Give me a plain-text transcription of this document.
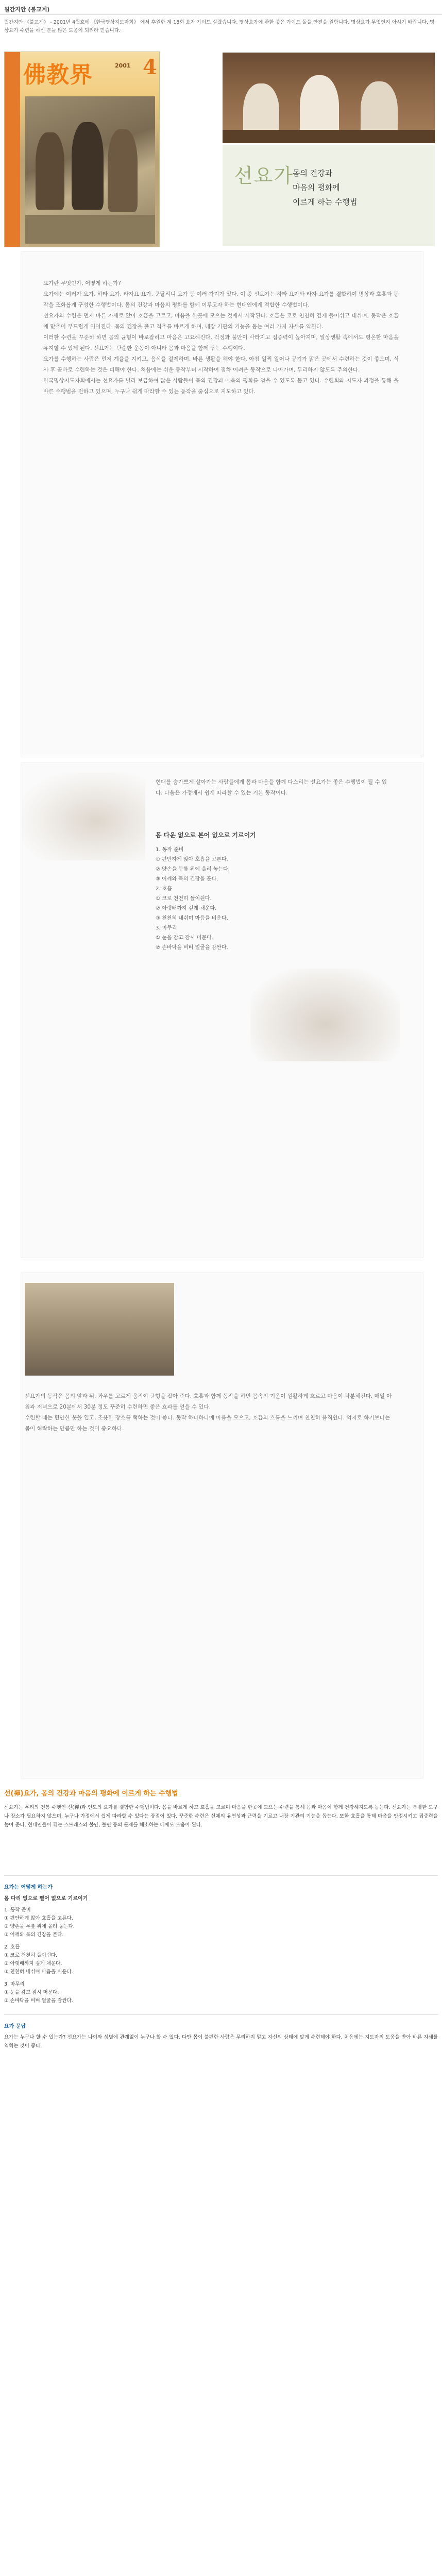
월간지안 (불교계)
월간지안 《불교계》 - 2001년 4월호에 《한국명상지도자회》 에서 후원한 제 18회 요가 가이드 실렸습니다. 명상요가에 관한 좋은 가이드 돌을 안전을 원합니다. 명상요가 무엇인지 아시기 바랍니다. 명상요가 수련을 하신 분들 많은 도움이 되리라 믿습니다.
佛教界	2001 4
선요가
몸의 건강과
마음의 평화에
이르게 하는 수행법
요가란 무엇인가, 어떻게 하는가?
요가에는 여러가 요가, 하타 요가, 라자요 요가, 쿤달리니 요가 등 여러 가지가 있다. 이 중 선요가는 하타 요가와 라자 요가를 결합하여 명상과 호흡과 동작을 조화롭게 구성한 수행법이다. 몸의 건강과 마음의 평화를 함께 이루고자 하는 현대인에게 적합한 수행법이다.
선요가의 수련은 먼저 바른 자세로 앉아 호흡을 고르고, 마음을 한곳에 모으는 것에서 시작된다. 호흡은 코로 천천히 깊게 들이쉬고 내쉬며, 동작은 호흡에 맞추어 부드럽게 이어진다. 몸의 긴장을 풀고 척추를 바르게 하며, 내장 기관의 기능을 돕는 여러 가지 자세를 익힌다.
이러한 수련을 꾸준히 하면 몸의 균형이 바로잡히고 마음은 고요해진다. 걱정과 불안이 사라지고 집중력이 높아지며, 일상생활 속에서도 평온한 마음을 유지할 수 있게 된다. 선요가는 단순한 운동이 아니라 몸과 마음을 함께 닦는 수행이다.
요가를 수행하는 사람은 먼저 계율을 지키고, 음식을 절제하며, 바른 생활을 해야 한다. 아침 일찍 일어나 공기가 맑은 곳에서 수련하는 것이 좋으며, 식사 후 곧바로 수련하는 것은 피해야 한다. 처음에는 쉬운 동작부터 시작하여 점차 어려운 동작으로 나아가며, 무리하지 않도록 주의한다.
한국명상지도자회에서는 선요가를 널리 보급하여 많은 사람들이 몸의 건강과 마음의 평화를 얻을 수 있도록 돕고 있다. 수련회와 지도자 과정을 통해 올바른 수행법을 전하고 있으며, 누구나 쉽게 따라할 수 있는 동작을 중심으로 지도하고 있다.
현대를 숨가쁘게 살아가는 사람들에게 몸과 마음을 함께 다스리는 선요가는 좋은 수행법이 될 수 있다. 다음은 가정에서 쉽게 따라할 수 있는 기본 동작이다.
몸 다운 없으로 본어 없으로 기르이기
1. 동작 준비
① 편안하게 앉아 호흡을 고른다.
② 양손을 무릎 위에 올려 놓는다.
③ 어깨와 목의 긴장을 푼다.
2. 호흡
① 코로 천천히 들이쉰다.
② 아랫배까지 깊게 채운다.
③ 천천히 내쉬며 마음을 비운다.
3. 마무리
① 눈을 감고 잠시 머문다.
② 손바닥을 비벼 얼굴을 감싼다.
선요가의 동작은 몸의 앞과 뒤, 좌우를 고르게 움직여 균형을 잡아 준다. 호흡과 함께 동작을 하면 몸속의 기운이 원활하게 흐르고 마음이 차분해진다. 매일 아침과 저녁으로 20분에서 30분 정도 꾸준히 수련하면 좋은 효과를 얻을 수 있다.
수련할 때는 편안한 옷을 입고, 조용한 장소를 택하는 것이 좋다. 동작 하나하나에 마음을 모으고, 호흡의 흐름을 느끼며 천천히 움직인다. 억지로 하기보다는 몸이 허락하는 만큼만 하는 것이 중요하다.
선(禪)요가, 몸의 건강과 마음의 평화에 이르게 하는 수행법
선요가는 우리의 전통 수행인 선(禪)과 인도의 요가를 결합한 수행법이다. 몸을 바르게 하고 호흡을 고르며 마음을 한곳에 모으는 수련을 통해 몸과 마음이 함께 건강해지도록 돕는다. 선요가는 특별한 도구나 장소가 필요하지 않으며, 누구나 가정에서 쉽게 따라할 수 있다는 장점이 있다. 꾸준한 수련은 신체의 유연성과 근력을 기르고 내장 기관의 기능을 돕는다. 또한 호흡을 통해 마음을 안정시키고 집중력을 높여 준다. 현대인들이 겪는 스트레스와 불안, 불면 등의 문제를 해소하는 데에도 도움이 된다.
요가는 어떻게 하는가
몸 다리 없으로 펼어 없으로 기르이기
1. 동작 준비
① 편안하게 앉아 호흡을 고른다.
② 양손을 무릎 위에 올려 놓는다.
③ 어깨와 목의 긴장을 푼다.
2. 호흡
① 코로 천천히 들이쉰다.
② 아랫배까지 깊게 채운다.
③ 천천히 내쉬며 마음을 비운다.
3. 마무리
① 눈을 감고 잠시 머문다.
② 손바닥을 비벼 얼굴을 감싼다.
요가 문답
요가는 누구나 할 수 있는가? 선요가는 나이와 성별에 관계없이 누구나 할 수 있다. 다만 몸이 불편한 사람은 무리하지 말고 자신의 상태에 맞게 수련해야 한다. 처음에는 지도자의 도움을 받아 바른 자세를 익히는 것이 좋다.
